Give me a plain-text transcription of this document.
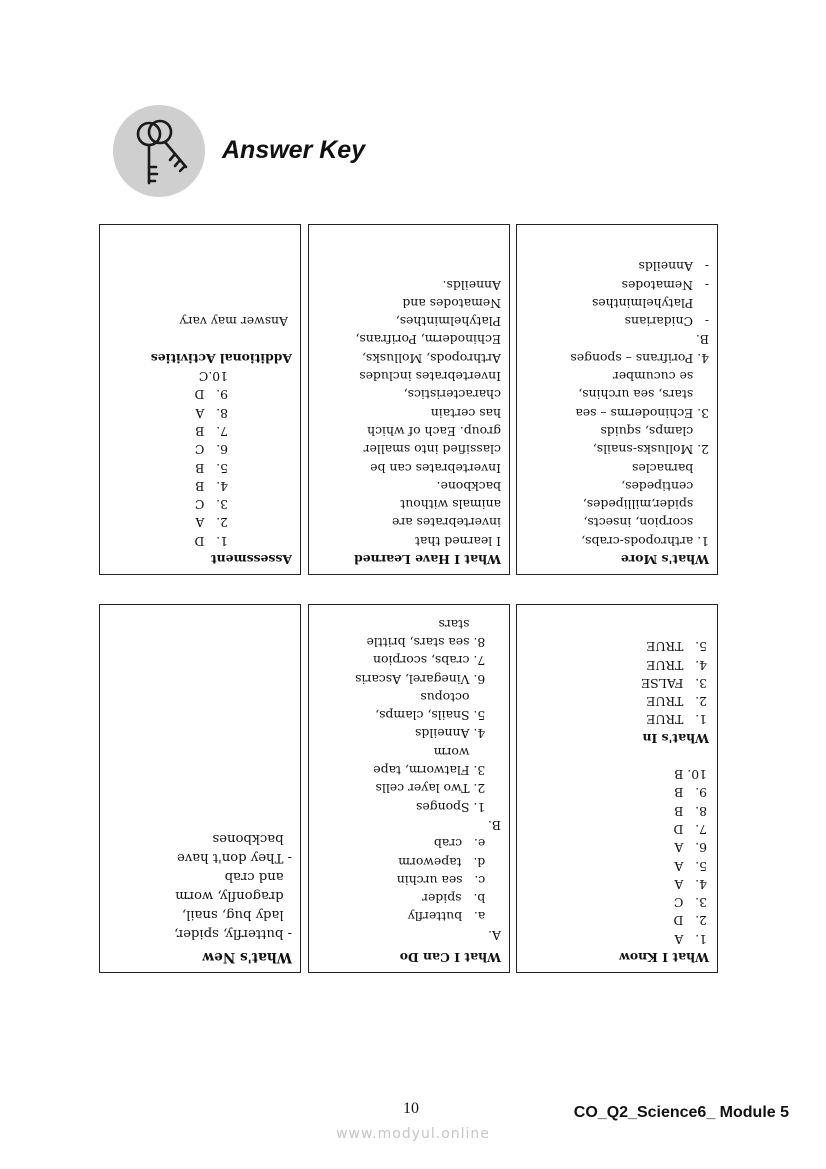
Answer Key
What's More
1. arthropods-crabs,
scorpion, insects,
spider,millipedes,
centipedes,
barnacles
2. Mollusks-snails,
clamps, squids
3. Echinoderms – sea
stars, sea urchins,
se cucumber
4. Porifrans – sponges
B.
-   Cnidarians
Platyhelminthes
-   Nematodes
-   Anneilds
What I Have Learned
I learned that
invertebrates are
animals without
backbone.
Invertebrates can be
classified into smaller
group. Each of which
has certain
characteristics,
Invertebrates includes
Arthropods, Mollusks,
Echinoderm, Porifrans,
Platyhelminthes,
Nematodes and
Anneilds.
Assessment
1.   D
2.   A
3.   C
4.   B
5.   B
6.   C
7.   B
8.   A
9.   D
10.C
Additional Activities
Answer may vary
What I Know
1.   A
2.   D
3.   C
4.   A
5.   A
6.   A
7.   D
8.   B
9.   B
10. B
What's In
1.   TRUE
2.   TRUE
3.   FALSE
4.   TRUE
5.   TRUE
What I Can Do
A.
a.   butterfly
b.   spider
c.   sea urchin
d.   tapeworm
e.   crab
B.
1. Sponges
2. Two layer cells
3. Flatworm, tape
worm
4. Anneilds
5. Snails, clamps,
octopus
6. Vinegarel, Ascaris
7. crabs, scorpion
8. sea stars, brittle
stars
What's New
- butterfly, spider,
lady bug, snail,
dragonfly, worm
and crab
- They don't have
backbones
10	CO_Q2_Science6_ Module 5
www.modyul.online
